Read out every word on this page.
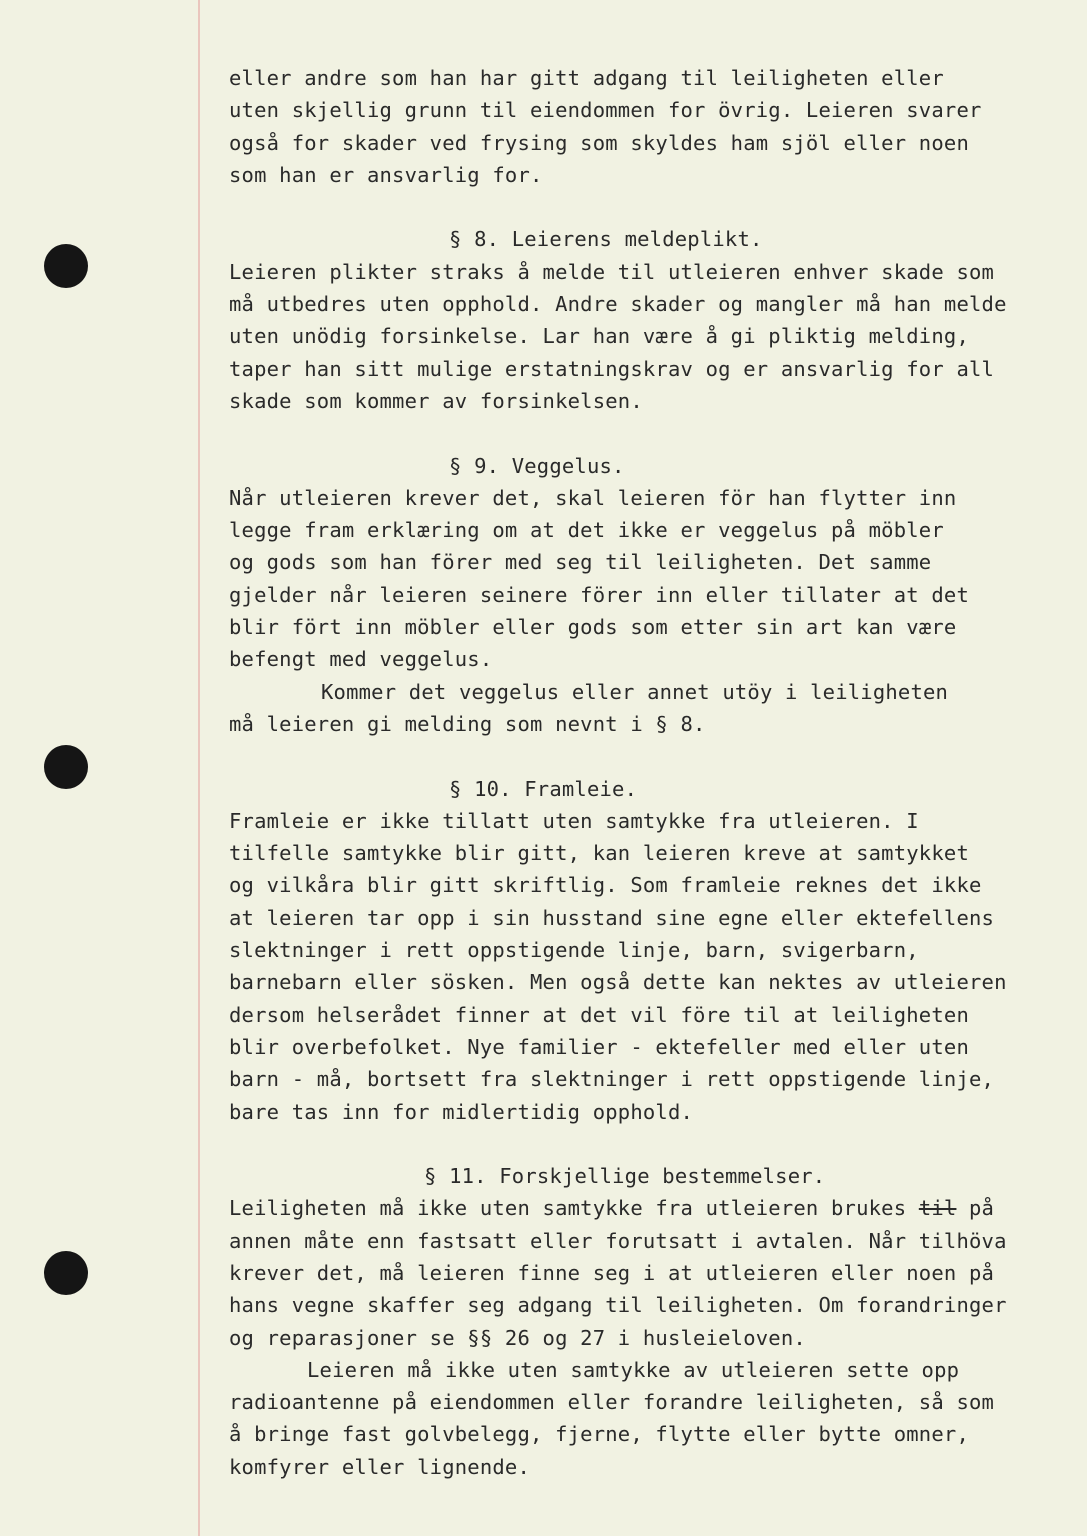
eller andre som han har gitt adgang til leiligheten eller
uten skjellig grunn til eiendommen for övrig. Leieren svarer
også for skader ved frysing som skyldes ham sjöl eller noen
som han er ansvarlig for.
§ 8. Leierens meldeplikt.
Leieren plikter straks å melde til utleieren enhver skade som
må utbedres uten opphold. Andre skader og mangler må han melde
uten unödig forsinkelse. Lar han være å gi pliktig melding,
taper han sitt mulige erstatningskrav og er ansvarlig for all
skade som kommer av forsinkelsen.
§ 9. Veggelus.
Når utleieren krever det, skal leieren för han flytter inn
legge fram erklæring om at det ikke er veggelus på möbler
og gods som han förer med seg til leiligheten. Det samme
gjelder når leieren seinere förer inn eller tillater at det
blir fört inn möbler eller gods som etter sin art kan være
befengt med veggelus.
Kommer det veggelus eller annet utöy i leiligheten
må leieren gi melding som nevnt i § 8.
§ 10. Framleie.
Framleie er ikke tillatt uten samtykke fra utleieren. I
tilfelle samtykke blir gitt, kan leieren kreve at samtykket
og vilkåra blir gitt skriftlig. Som framleie reknes det ikke
at leieren tar opp i sin husstand sine egne eller ektefellens
slektninger i rett oppstigende linje, barn, svigerbarn,
barnebarn eller sösken. Men også dette kan nektes av utleieren
dersom helserådet finner at det vil före til at leiligheten
blir overbefolket. Nye familier - ektefeller med eller uten
barn - må, bortsett fra slektninger i rett oppstigende linje,
bare tas inn for midlertidig opphold.
§ 11. Forskjellige bestemmelser.
Leiligheten må ikke uten samtykke fra utleieren brukes til på
annen måte enn fastsatt eller forutsatt i avtalen. Når tilhöva
krever det, må leieren finne seg i at utleieren eller noen på
hans vegne skaffer seg adgang til leiligheten. Om forandringer
og reparasjoner se §§ 26 og 27 i husleieloven.
Leieren må ikke uten samtykke av utleieren sette opp
radioantenne på eiendommen eller forandre leiligheten, så som
å bringe fast golvbelegg, fjerne, flytte eller bytte omner,
komfyrer eller lignende.
